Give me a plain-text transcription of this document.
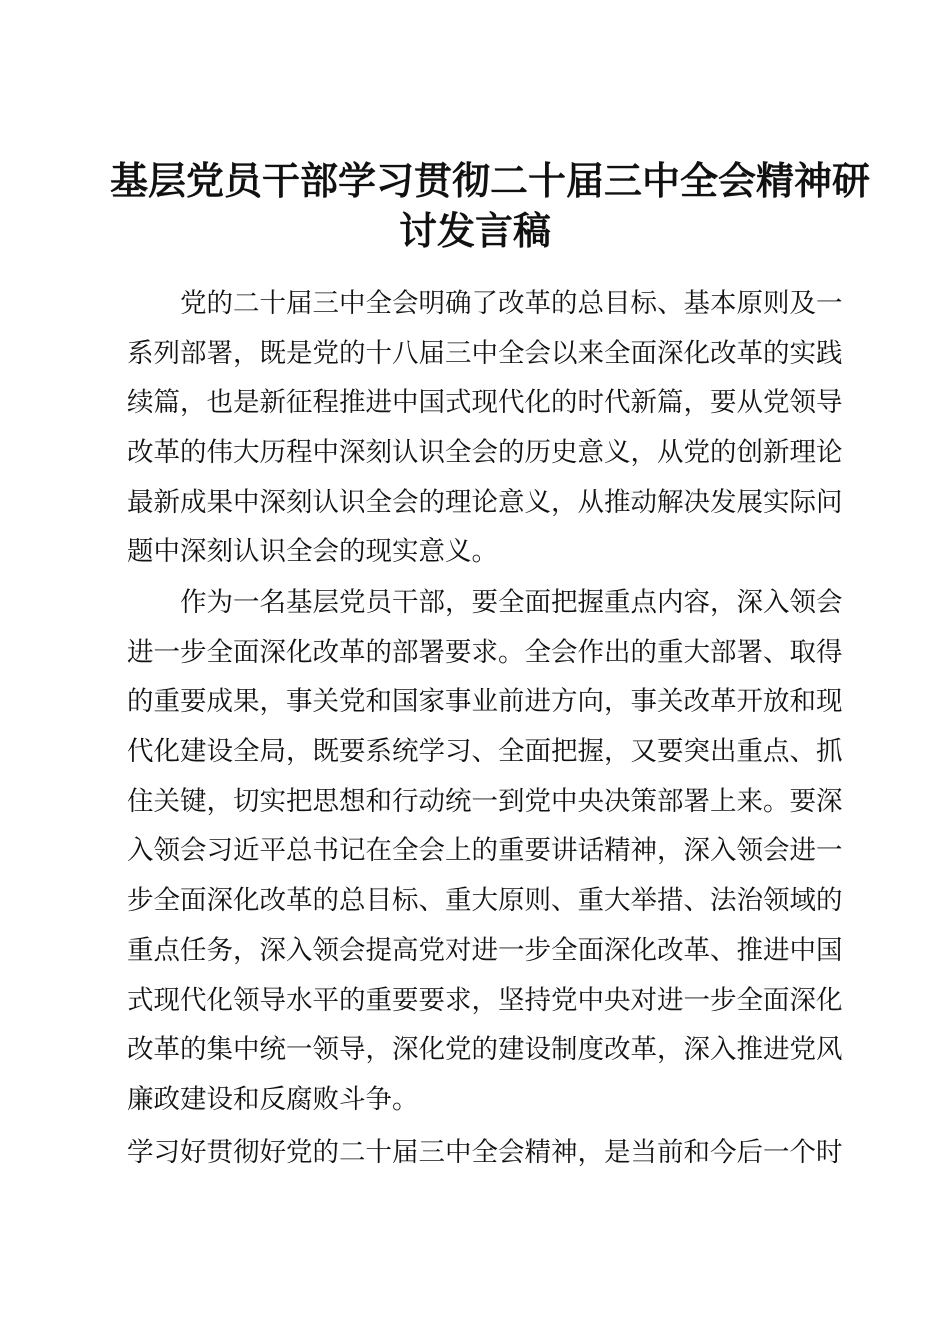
基层党员干部学习贯彻二十届三中全会精神研
讨发言稿
　　党的二十届三中全会明确了改革的总目标、基本原则及一
系列部署，既是党的十八届三中全会以来全面深化改革的实践
续篇，也是新征程推进中国式现代化的时代新篇，要从党领导
改革的伟大历程中深刻认识全会的历史意义，从党的创新理论
最新成果中深刻认识全会的理论意义，从推动解决发展实际问
题中深刻认识全会的现实意义。
　　作为一名基层党员干部，要全面把握重点内容，深入领会
进一步全面深化改革的部署要求。全会作出的重大部署、取得
的重要成果，事关党和国家事业前进方向，事关改革开放和现
代化建设全局，既要系统学习、全面把握，又要突出重点、抓
住关键，切实把思想和行动统一到党中央决策部署上来。要深
入领会习近平总书记在全会上的重要讲话精神，深入领会进一
步全面深化改革的总目标、重大原则、重大举措、法治领域的
重点任务，深入领会提高党对进一步全面深化改革、推进中国
式现代化领导水平的重要要求，坚持党中央对进一步全面深化
改革的集中统一领导，深化党的建设制度改革，深入推进党风
廉政建设和反腐败斗争。
学习好贯彻好党的二十届三中全会精神，是当前和今后一个时
